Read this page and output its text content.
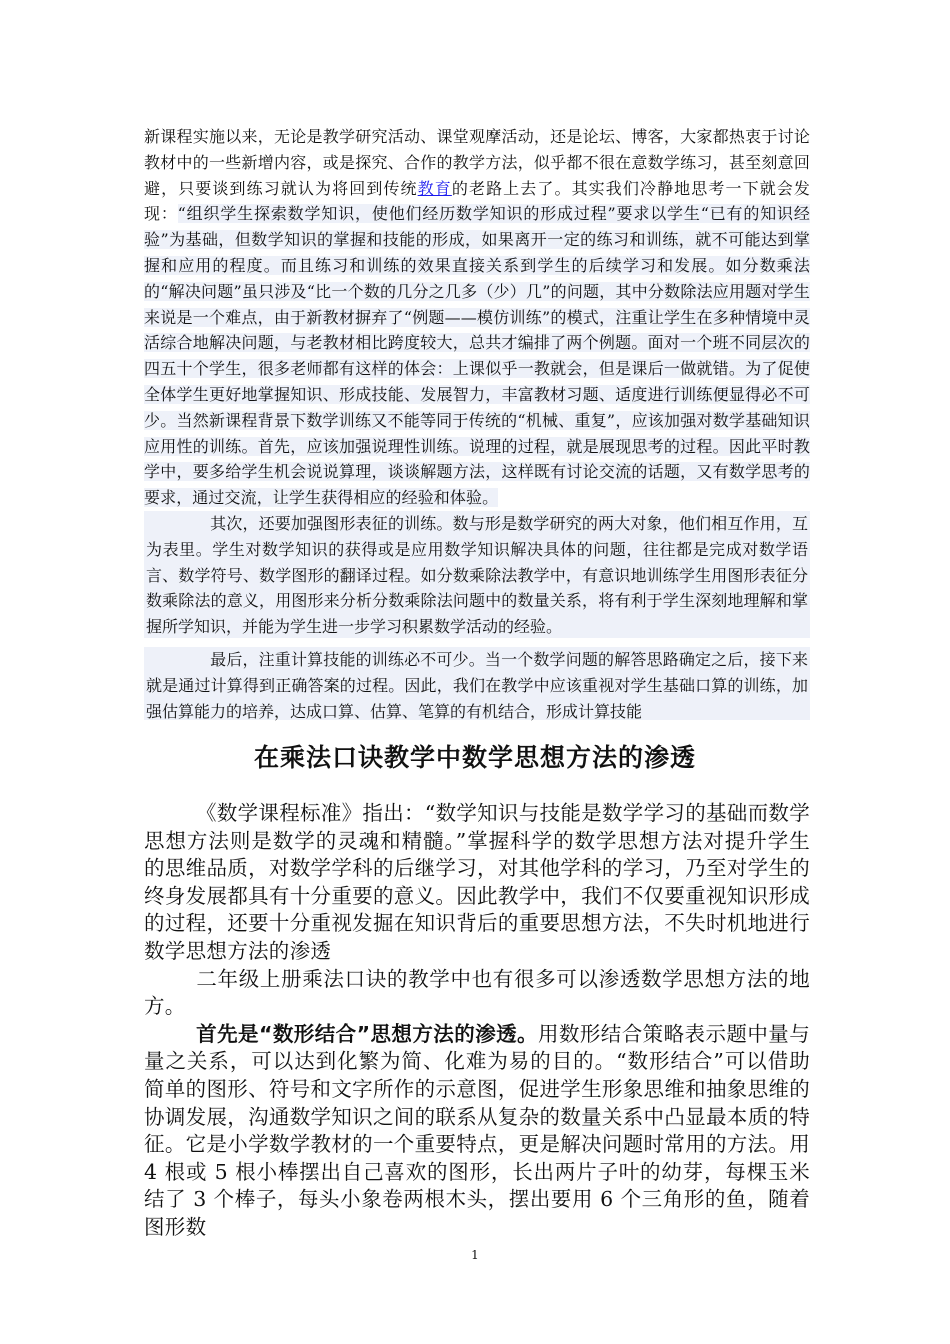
新课程实施以来，无论是教学研究活动、课堂观摩活动，还是论坛、博客，大家都热衷于讨论教材中的一些新增内容，或是探究、合作的教学方法，似乎都不很在意数学练习，甚至刻意回避，只要谈到练习就认为将回到传统教育的老路上去了。其实我们冷静地思考一下就会发现：“组织学生探索数学知识，使他们经历数学知识的形成过程”要求以学生“已有的知识经验”为基础，但数学知识的掌握和技能的形成，如果离开一定的练习和训练，就不可能达到掌握和应用的程度。而且练习和训练的效果直接关系到学生的后续学习和发展。如分数乘法的“解决问题”虽只涉及“比一个数的几分之几多（少）几”的问题，其中分数除法应用题对学生来说是一个难点，由于新教材摒弃了“例题——模仿训练”的模式，注重让学生在多种情境中灵活综合地解决问题，与老教材相比跨度较大，总共才编排了两个例题。面对一个班不同层次的四五十个学生，很多老师都有这样的体会：上课似乎一教就会，但是课后一做就错。为了促使全体学生更好地掌握知识、形成技能、发展智力，丰富教材习题、适度进行训练便显得必不可少。当然新课程背景下数学训练又不能等同于传统的“机械、重复”，应该加强对数学基础知识应用性的训练。首先，应该加强说理性训练。说理的过程，就是展现思考的过程。因此平时教学中，要多给学生机会说说算理，谈谈解题方法，这样既有讨论交流的话题，又有数学思考的要求，通过交流，让学生获得相应的经验和体验。
其次，还要加强图形表征的训练。数与形是数学研究的两大对象，他们相互作用，互为表里。学生对数学知识的获得或是应用数学知识解决具体的问题，往往都是完成对数学语言、数学符号、数学图形的翻译过程。如分数乘除法教学中，有意识地训练学生用图形表征分数乘除法的意义，用图形来分析分数乘除法问题中的数量关系，将有利于学生深刻地理解和掌握所学知识，并能为学生进一步学习积累数学活动的经验。
最后，注重计算技能的训练必不可少。当一个数学问题的解答思路确定之后，接下来就是通过计算得到正确答案的过程。因此，我们在教学中应该重视对学生基础口算的训练，加强估算能力的培养，达成口算、估算、笔算的有机结合，形成计算技能
在乘法口诀教学中数学思想方法的渗透

《数学课程标准》指出：“数学知识与技能是数学学习的基础而数学思想方法则是数学的灵魂和精髓。”掌握科学的数学思想方法对提升学生的思维品质，对数学学科的后继学习，对其他学科的学习，乃至对学生的终身发展都具有十分重要的意义。因此教学中，我们不仅要重视知识形成的过程，还要十分重视发掘在知识背后的重要思想方法，不失时机地进行数学思想方法的渗透

二年级上册乘法口诀的教学中也有很多可以渗透数学思想方法的地方。

首先是“数形结合”思想方法的渗透。用数形结合策略表示题中量与量之关系，可以达到化繁为简、化难为易的目的。“数形结合”可以借助简单的图形、符号和文字所作的示意图，促进学生形象思维和抽象思维的协调发展，沟通数学知识之间的联系从复杂的数量关系中凸显最本质的特征。它是小学数学教材的一个重要特点，更是解决问题时常用的方法。用 4 根或 5 根小棒摆出自己喜欢的图形，长出两片子叶的幼芽，每棵玉米结了 3 个棒子，每头小象卷两根木头，摆出要用 6 个三角形的鱼，随着图形数

1
